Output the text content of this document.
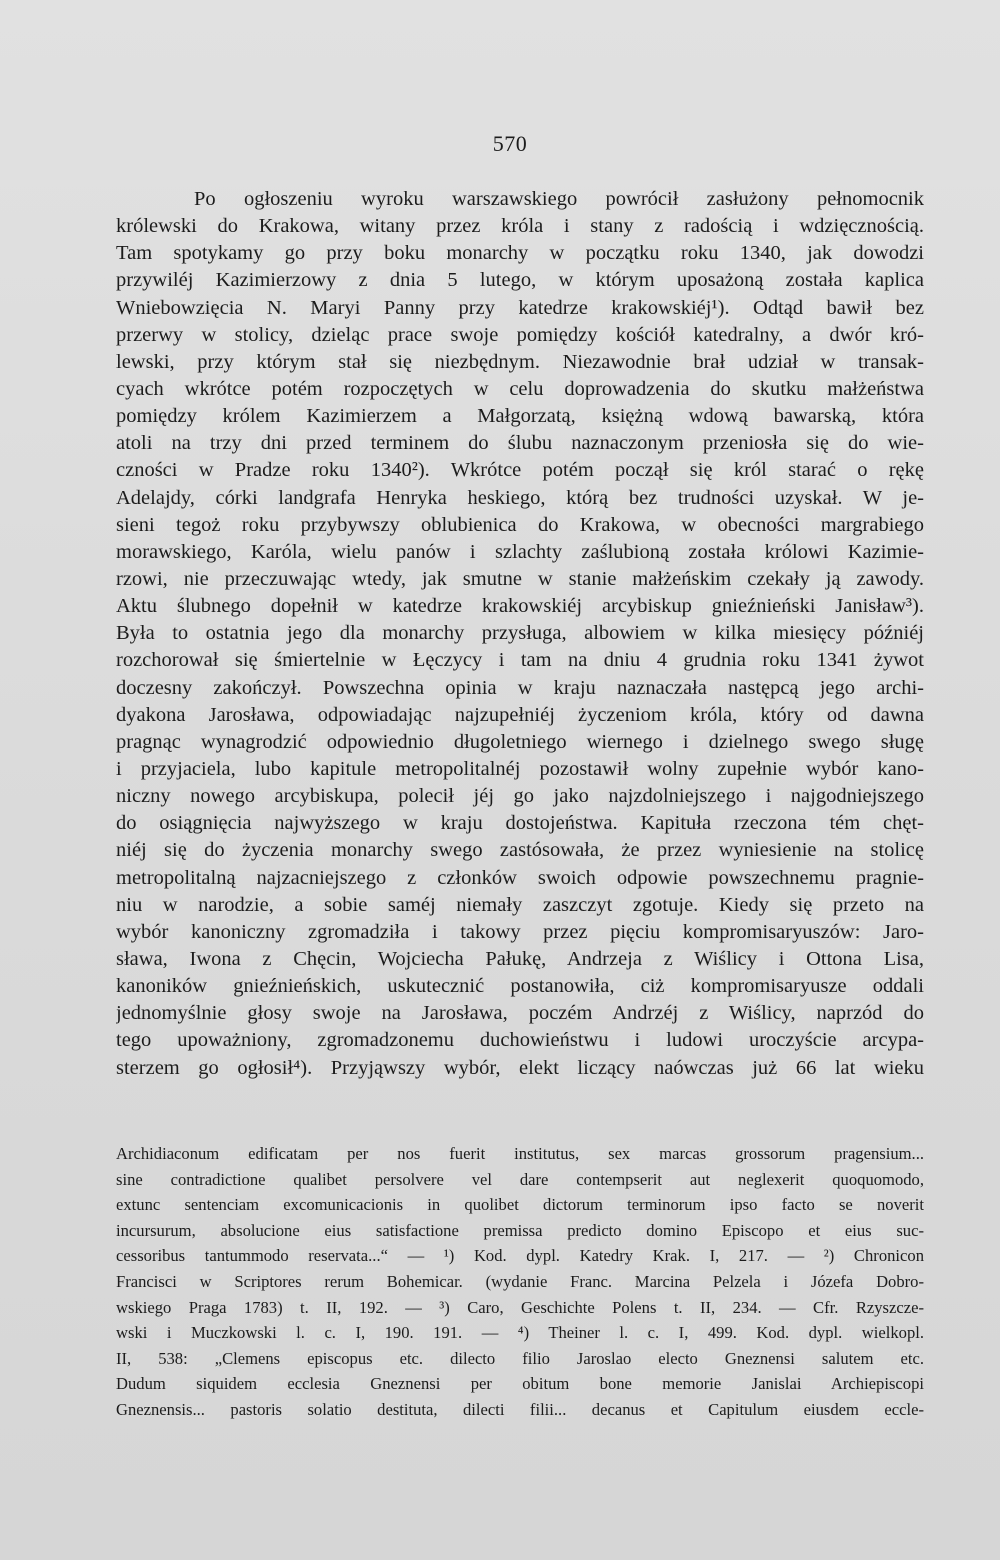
570
Po ogłoszeniu wyroku warszawskiego powrócił zasłużony pełnomocnik
królewski do Krakowa, witany przez króla i stany z radością i wdzięcznością.
Tam spotykamy go przy boku monarchy w początku roku 1340, jak dowodzi
przywiléj Kazimierzowy z dnia 5 lutego, w którym uposażoną została kaplica
Wniebowzięcia N. Maryi Panny przy katedrze krakowskiéj¹). Odtąd bawił bez
przerwy w stolicy, dzieląc prace swoje pomiędzy kościół katedralny, a dwór kró-
lewski, przy którym stał się niezbędnym. Niezawodnie brał udział w transak-
cyach wkrótce potém rozpoczętych w celu doprowadzenia do skutku małżeństwa
pomiędzy królem Kazimierzem a Małgorzatą, księżną wdową bawarską, która
atoli na trzy dni przed terminem do ślubu naznaczonym przeniosła się do wie-
czności w Pradze roku 1340²). Wkrótce potém począł się król starać o rękę
Adelajdy, córki landgrafa Henryka heskiego, którą bez trudności uzyskał. W je-
sieni tegoż roku przybywszy oblubienica do Krakowa, w obecności margrabiego
morawskiego, Karóla, wielu panów i szlachty zaślubioną została królowi Kazimie-
rzowi, nie przeczuwając wtedy, jak smutne w stanie małżeńskim czekały ją zawody.
Aktu ślubnego dopełnił w katedrze krakowskiéj arcybiskup gnieźnieński Janisław³).
Była to ostatnia jego dla monarchy przysługa, albowiem w kilka miesięcy późniéj
rozchorował się śmiertelnie w Łęczycy i tam na dniu 4 grudnia roku 1341 żywot
doczesny zakończył. Powszechna opinia w kraju naznaczała następcą jego archi-
dyakona Jarosława, odpowiadając najzupełniéj życzeniom króla, który od dawna
pragnąc wynagrodzić odpowiednio długoletniego wiernego i dzielnego swego sługę
i przyjaciela, lubo kapitule metropolitalnéj pozostawił wolny zupełnie wybór kano-
niczny nowego arcybiskupa, polecił jéj go jako najzdolniejszego i najgodniejszego
do osiągnięcia najwyższego w kraju dostojeństwa. Kapituła rzeczona tém chęt-
niéj się do życzenia monarchy swego zastósowała, że przez wyniesienie na stolicę
metropolitalną najzacniejszego z członków swoich odpowie powszechnemu pragnie-
niu w narodzie, a sobie saméj niemały zaszczyt zgotuje. Kiedy się przeto na
wybór kanoniczny zgromadziła i takowy przez pięciu kompromisaryuszów: Jaro-
sława, Iwona z Chęcin, Wojciecha Pałukę, Andrzeja z Wiślicy i Ottona Lisa,
kanoników gnieźnieńskich, uskutecznić postanowiła, ciż kompromisaryusze oddali
jednomyślnie głosy swoje na Jarosława, poczém Andrzéj z Wiślicy, naprzód do
tego upoważniony, zgromadzonemu duchowieństwu i ludowi uroczyście arcypa-
sterzem go ogłosił⁴). Przyjąwszy wybór, elekt liczący naówczas już 66 lat wieku
Archidiaconum edificatam per nos fuerit institutus, sex marcas grossorum pragensium...
sine contradictione qualibet persolvere vel dare contempserit aut neglexerit quoquomodo,
extunc sentenciam excomunicacionis in quolibet dictorum terminorum ipso facto se noverit
incursurum, absolucione eius satisfactione premissa predicto domino Episcopo et eius suc-
cessoribus tantummodo reservata...“ — ¹) Kod. dypl. Katedry Krak. I, 217. — ²) Chronicon
Francisci w Scriptores rerum Bohemicar. (wydanie Franc. Marcina Pelzela i Józefa Dobro-
wskiego Praga 1783) t. II, 192. — ³) Caro, Geschichte Polens t. II, 234. — Cfr. Rzyszcze-
wski i Muczkowski l. c. I, 190. 191. — ⁴) Theiner l. c. I, 499. Kod. dypl. wielkopl.
II, 538: „Clemens episcopus etc. dilecto filio Jaroslao electo Gneznensi salutem etc.
Dudum siquidem ecclesia Gneznensi per obitum bone memorie Janislai Archiepiscopi
Gneznensis... pastoris solatio destituta, dilecti filii... decanus et Capitulum eiusdem eccle-
